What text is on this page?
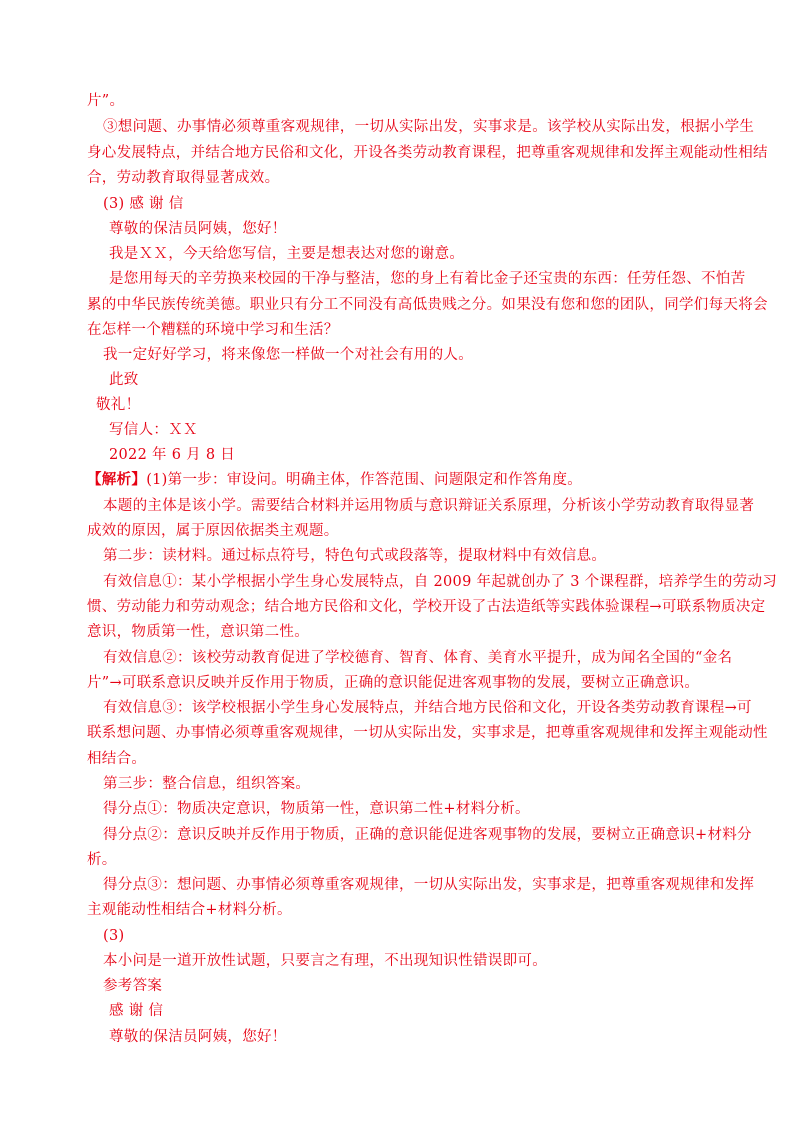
片”。
③想问题、办事情必须尊重客观规律，一切从实际出发，实事求是。该学校从实际出发，根据小学生
身心发展特点，并结合地方民俗和文化，开设各类劳动教育课程，把尊重客观规律和发挥主观能动性相结
合，劳动教育取得显著成效。
(3) 感 谢 信
尊敬的保洁员阿姨，您好！
我是ＸＸ，今天给您写信，主要是想表达对您的谢意。
是您用每天的辛劳换来校园的干净与整洁，您的身上有着比金子还宝贵的东西：任劳任怨、不怕苦
累的中华民族传统美德。职业只有分工不同没有高低贵贱之分。如果没有您和您的团队，同学们每天将会
在怎样一个糟糕的环境中学习和生活？
我一定好好学习，将来像您一样做一个对社会有用的人。
此致
敬礼！
写信人：ＸＸ
2022 年 6 月 8 日
【解析】(1)第一步：审设问。明确主体，作答范围、问题限定和作答角度。
本题的主体是该小学。需要结合材料并运用物质与意识辩证关系原理，分析该小学劳动教育取得显著
成效的原因，属于原因依据类主观题。
第二步：读材料。通过标点符号，特色句式或段落等，提取材料中有效信息。
有效信息①：某小学根据小学生身心发展特点，自 2009 年起就创办了 3 个课程群，培养学生的劳动习
惯、劳动能力和劳动观念；结合地方民俗和文化，学校开设了古法造纸等实践体验课程→可联系物质决定
意识，物质第一性，意识第二性。
有效信息②：该校劳动教育促进了学校德育、智育、体育、美育水平提升，成为闻名全国的“金名
片”→可联系意识反映并反作用于物质，正确的意识能促进客观事物的发展，要树立正确意识。
有效信息③：该学校根据小学生身心发展特点，并结合地方民俗和文化，开设各类劳动教育课程→可
联系想问题、办事情必须尊重客观规律，一切从实际出发，实事求是，把尊重客观规律和发挥主观能动性
相结合。
第三步：整合信息，组织答案。
得分点①：物质决定意识，物质第一性，意识第二性+材料分析。
得分点②：意识反映并反作用于物质，正确的意识能促进客观事物的发展，要树立正确意识+材料分
析。
得分点③：想问题、办事情必须尊重客观规律，一切从实际出发，实事求是，把尊重客观规律和发挥
主观能动性相结合+材料分析。
(3)
本小问是一道开放性试题，只要言之有理，不出现知识性错误即可。
参考答案
感 谢 信
尊敬的保洁员阿姨，您好！
